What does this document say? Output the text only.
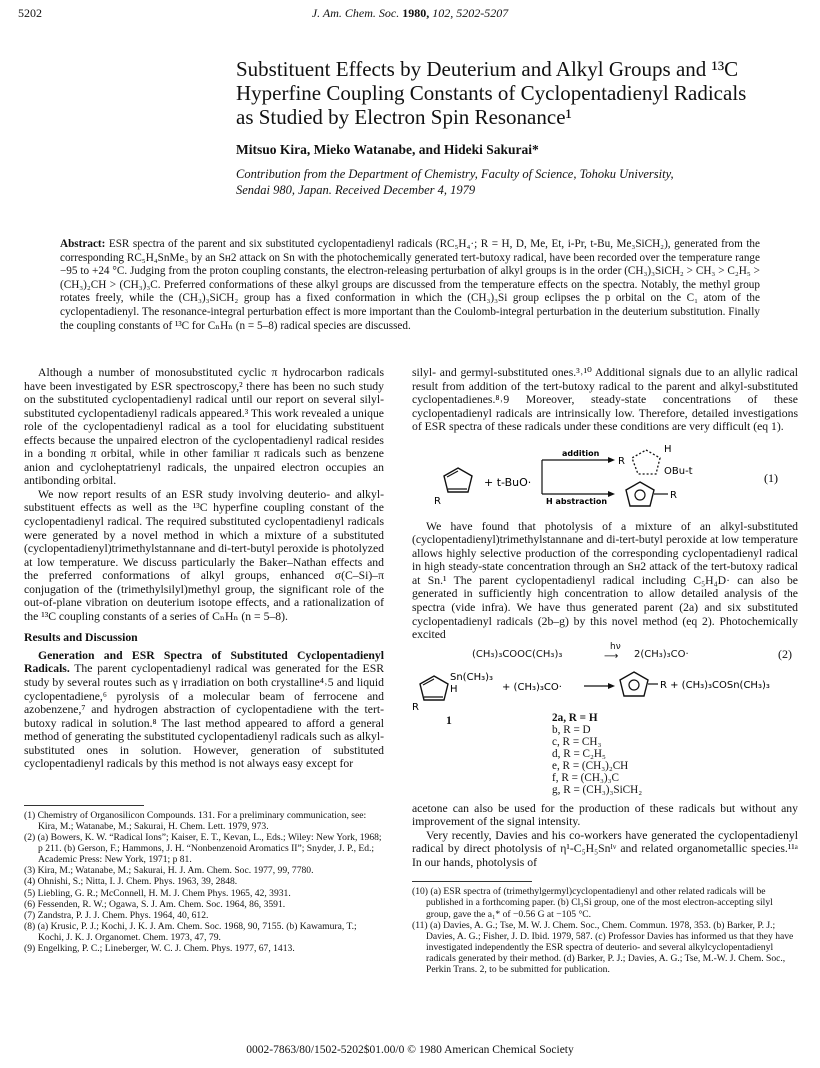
5202	J. Am. Chem. Soc. 1980, 102, 5202-5207
Substituent Effects by Deuterium and Alkyl Groups and ¹³C
Hyperfine Coupling Constants of Cyclopentadienyl Radicals
as Studied by Electron Spin Resonance¹
Mitsuo Kira, Mieko Watanabe, and Hideki Sakurai*
Contribution from the Department of Chemistry, Faculty of Science, Tohoku University,
Sendai 980, Japan. Received December 4, 1979
Abstract: ESR spectra of the parent and six substituted cyclopentadienyl radicals (RC₅H₄·; R = H, D, Me, Et, i-Pr, t-Bu, Me₃SiCH₂), generated from the corresponding RC₅H₄SnMe₃ by an Sʜ2 attack on Sn with the photochemically generated tert-butoxy radical, have been recorded over the temperature range −95 to +24 °C. Judging from the proton coupling constants, the electron-releasing perturbation of alkyl groups is in the order (CH₃)₃SiCH₂ > CH₃ > C₂H₅ > (CH₃)₂CH > (CH₃)₃C. Preferred conformations of these alkyl groups are discussed from the temperature effects on the spectra. Notably, the methyl group rotates freely, while the (CH₃)₃SiCH₂ group has a fixed conformation in which the (CH₃)₃Si group eclipses the p orbital on the C₁ atom of the cyclopentadienyl. The resonance-integral perturbation effect is more important than the Coulomb-integral perturbation in the deuterium substitution. Finally the coupling constants of ¹³C for CₙHₙ (n = 5–8) radical species are discussed.

Although a number of monosubstituted cyclic π hydrocarbon radicals have been investigated by ESR spectroscopy,² there has been no such study on the substituted cyclopentadienyl radical until our report on several silyl-substituted cyclopentadienyl radicals appeared.³ This work revealed a unique role of the cyclopentadienyl radical as a tool for elucidating substituent effects because the unpaired electron of the cyclopentadienyl radical resides in a bonding π orbital, while in other familiar π radicals such as benzene anion and cycloheptatrienyl radicals, the unpaired electron occupies an antibonding orbital.

We now report results of an ESR study involving deuterio- and alkyl-substituent effects as well as the ¹³C hyperfine coupling constant of the cyclopentadienyl radical. The required substituted cyclopentadienyl radicals were generated by a novel method in which a mixture of a substituted (cyclopentadienyl)trimethylstannane and di-tert-butyl peroxide is photolyzed at low temperature. We discuss particularly the Baker–Nathan effects and the preferred conformations of alkyl groups, enhanced σ(C–Si)–π conjugation of the (trimethylsilyl)methyl group, the significant role of the out-of-plane vibration on deuterium isotope effects, and a rationalization of the ¹³C coupling constants of a series of CₙHₙ (n = 5–8).

Results and Discussion

Generation and ESR Spectra of Substituted Cyclopentadienyl Radicals. The parent cyclopentadienyl radical was generated for the ESR study by several routes such as γ irradiation on both crystalline⁴˒5 and liquid cyclopentadiene,⁶ pyrolysis of a molecular beam of ferrocene and azobenzene,⁷ and hydrogen abstraction of cyclopentadiene with the tert-butoxy radical in solution.⁸ The last method appeared to afford a general method of generating the substituted cyclopentadienyl radicals such as alkyl-substituted ones in solution. However, generation of substituted cyclopentadienyl radicals by this method is not always easy except for

(1) Chemistry of Organosilicon Compounds. 131. For a preliminary communication, see: Kira, M.; Watanabe, M.; Sakurai, H. Chem. Lett. 1979, 973.

(2) (a) Bowers, K. W. “Radical Ions”; Kaiser, E. T., Kevan, L., Eds.; Wiley: New York, 1968; p 211. (b) Gerson, F.; Hammons, J. H. “Nonbenzenoid Aromatics II”; Snyder, J. P., Ed.; Academic Press: New York, 1971; p 81.

(3) Kira, M.; Watanabe, M.; Sakurai, H. J. Am. Chem. Soc. 1977, 99, 7780.

(4) Ohnishi, S.; Nitta, I. J. Chem. Phys. 1963, 39, 2848.

(5) Liebling, G. R.; McConnell, H. M. J. Chem Phys. 1965, 42, 3931.

(6) Fessenden, R. W.; Ogawa, S. J. Am. Chem. Soc. 1964, 86, 3591.

(7) Zandstra, P. J. J. Chem. Phys. 1964, 40, 612.

(8) (a) Krusic, P. J.; Kochi, J. K. J. Am. Chem. Soc. 1968, 90, 7155. (b) Kawamura, T.; Kochi, J. K. J. Organomet. Chem. 1973, 47, 79.

(9) Engelking, P. C.; Lineberger, W. C. J. Chem. Phys. 1977, 67, 1413.

silyl- and germyl-substituted ones.³˒¹⁰ Additional signals due to an allylic radical result from addition of the tert-butoxy radical to the parent and alkyl-substituted cyclopentadienes.⁸˒9 Moreover, steady-state concentrations of these cyclopentadienyl radicals are intrinsically low. Therefore, detailed investigations of ESR spectra of these radicals under these conditions are very difficult (eq 1).

R
+ t-BuO·
addition
H abstraction
R
H
OBu-t
R
(1)

We have found that photolysis of a mixture of an alkyl-substituted (cyclopentadienyl)trimethylstannane and di-tert-butyl peroxide at low temperature allows highly selective production of the corresponding cyclopentadienyl radical in high steady-state concentration through an Sʜ2 attack of the tert-butoxy radical at Sn.¹ The parent cyclopentadienyl radical including C₅H₄D· can also be generated in sufficiently high concentration to allow detailed analysis of the spectra (vide infra). We have thus generated parent (2a) and six substituted cyclopentadienyl radicals (2b–g) by this novel method (eq 2). Photochemically excited

(CH₃)₃COOC(CH₃)₃
hν
⟶ 2(CH₃)₃CO·	(2)
Sn(CH₃)₃
H
R
+ (CH₃)₃CO·	R + (CH₃)₃COSn(CH₃)₃
1	2a, R = H
b, R = D
c, R = CH₃
d, R = C₂H₅
e, R = (CH₃)₂CH
f, R = (CH₃)₃C
g, R = (CH₃)₃SiCH₂

acetone can also be used for the production of these radicals but without any improvement of the signal intensity.

Very recently, Davies and his co-workers have generated the cyclopentadienyl radical by direct photolysis of η¹-C₅H₅Snᴵᵛ and related organometallic species.¹¹ᵃ In our hands, photolysis of

(10) (a) ESR spectra of (trimethylgermyl)cyclopentadienyl and other related radicals will be published in a forthcoming paper. (b) Cl₃Si group, one of the most electron-accepting silyl group, gave the a₁* of −0.56 G at −105 °C.

(11) (a) Davies, A. G.; Tse, M. W. J. Chem. Soc., Chem. Commun. 1978, 353. (b) Barker, P. J.; Davies, A. G.; Fisher, J. D. Ibid. 1979, 587. (c) Professor Davies has informed us that they have investigated independently the ESR spectra of deuterio- and several alkylcyclopentadienyl radicals generated by their method. (d) Barker, P. J.; Davies, A. G.; Tse, M.-W. J. Chem. Soc., Perkin Trans. 2, to be submitted for publication.

0002-7863/80/1502-5202$01.00/0 © 1980 American Chemical Society
